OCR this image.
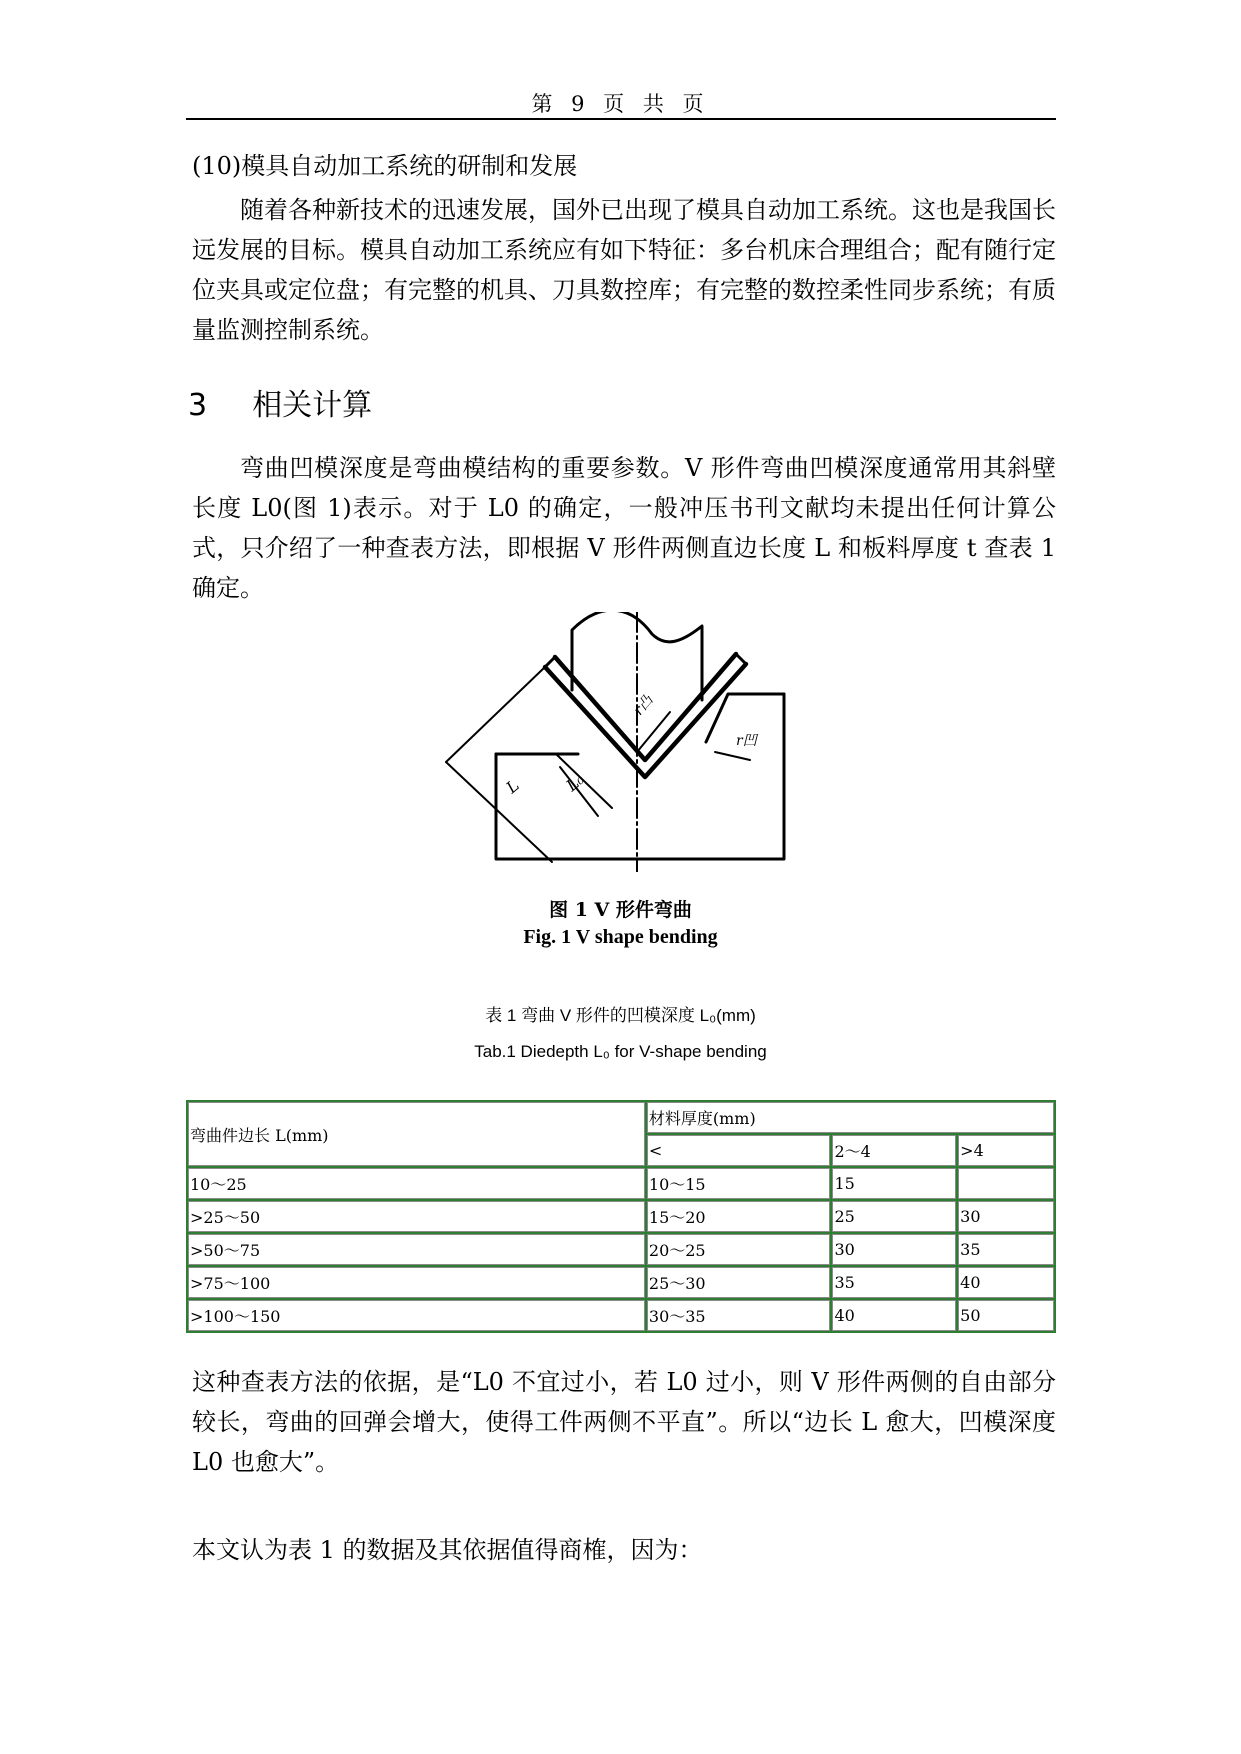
第 9 页 共 页
(10)模具自动加工系统的研制和发展
随着各种新技术的迅速发展，国外已出现了模具自动加工系统。这也是我国长远发展的目标。模具自动加工系统应有如下特征：多台机床合理组合；配有随行定位夹具或定位盘；有完整的机具、刀具数控库；有完整的数控柔性同步系统；有质量监测控制系统。
3 相关计算
弯曲凹模深度是弯曲模结构的重要参数。V 形件弯曲凹模深度通常用其斜壁长度 L0(图 1)表示。对于 L0 的确定，一般冲压书刊文献均未提出任何计算公式，只介绍了一种查表方法，即根据 V 形件两侧直边长度 L 和板料厚度 t 查表 1 确定。
L L₀
r凸
r凹
图 1 V 形件弯曲
Fig. 1 V shape bending
表 1 弯曲 V 形件的凹模深度 L₀(mm)
Tab.1 Diedepth L₀ for V-shape bending
弯曲件边长 L(mm)	材料厚度(mm)		
	<	2～4	>4
10～25	10～15	15	
>25～50	15～20	25	30
>50～75	20～25	30	35
>75～100	25～30	35	40
>100～150	30～35	40	50
这种查表方法的依据，是“L0 不宜过小，若 L0 过小，则 V 形件两侧的自由部分较长，弯曲的回弹会增大，使得工件两侧不平直”。所以“边长 L 愈大，凹模深度 L0 也愈大”。
本文认为表 1 的数据及其依据值得商榷，因为：
